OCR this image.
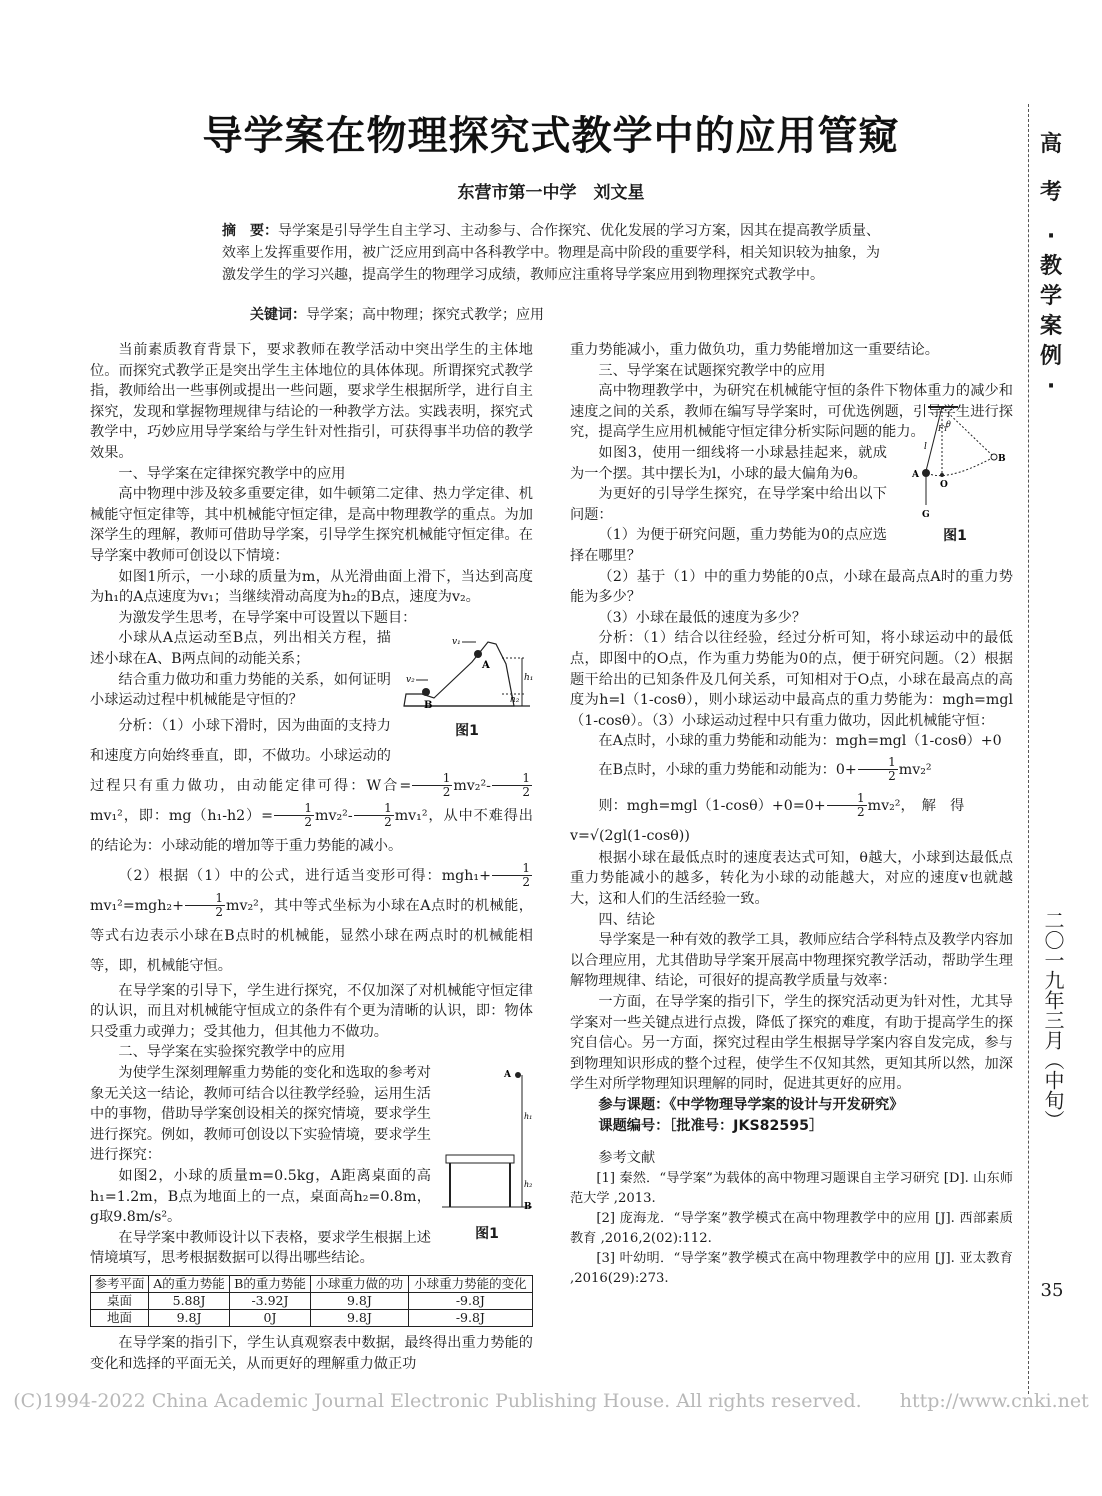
导学案在物理探究式教学中的应用管窥
东营市第一中学　刘文星
摘　要：导学案是引导学生自主学习、主动参与、合作探究、优化发展的学习方案，因其在提高教学质量、效率上发挥重要作用，被广泛应用到高中各科教学中。物理是高中阶段的重要学科，相关知识较为抽象，为激发学生的学习兴趣，提高学生的物理学习成绩，教师应注重将导学案应用到物理探究式教学中。
关键词：导学案；高中物理；探究式教学；应用

当前素质教育背景下，要求教师在教学活动中突出学生的主体地位。而探究式教学正是突出学生主体地位的具体体现。所谓探究式教学指，教师给出一些事例或提出一些问题，要求学生根据所学，进行自主探究，发现和掌握物理规律与结论的一种教学方法。实践表明，探究式教学中，巧妙应用导学案给与学生针对性指引，可获得事半功倍的教学效果。

一、导学案在定律探究教学中的应用

高中物理中涉及较多重要定律，如牛顿第二定律、热力学定律、机械能守恒定律等，其中机械能守恒定律，是高中物理教学的重点。为加深学生的理解，教师可借助导学案，引导学生探究机械能守恒定律。在导学案中教师可创设以下情境：

如图1所示，一小球的质量为m，从光滑曲面上滑下，当达到高度为h₁的A点速度为v₁；当继续滑动高度为h₂的B点，速度为v₂。

为激发学生思考，在导学案中可设置以下题目：

v₁
v₂
A
B
h₁
h₂
图1

小球从A点运动至B点，列出相关方程，描述小球在A、B两点间的动能关系；

结合重力做功和重力势能的关系，如何证明小球运动过程中机械能是守恒的？

分析：（1）小球下滑时，因为曲面的支持力和速度方向始终垂直，即，不做功。小球运动的过程只有重力做功，由动能定律可得：W合= $\frac{1}{2} mv_2^2- \frac{1}{2}$
mv₁²，即：$mg(h_1-h2)= \frac{1}{2} mv_2^2- \frac{1}{2} mv_1^2$，从中不难得出的结论为：小球动能的增加等于重力势能的减小。

（2）根据（1）中的公式，进行适当变形可得：$mgh_1+ \frac{1}{2}$
$mv_1^2=mgh_2+ \frac{1}{2} mv_2^2$，其中等式坐标为小球在A点时的机械能，等式右边表示小球在B点时的机械能，显然小球在两点时的机械能相等，即，机械能守恒。

在导学案的引导下，学生进行探究，不仅加深了对机械能守恒定律的认识，而且对机械能守恒成立的条件有个更为清晰的认识，即：物体只受重力或弹力；受其他力，但其他力不做功。

二、导学案在实验探究教学中的应用

A
B
h₁
h₂
图1

为使学生深刻理解重力势能的变化和选取的参考对象无关这一结论，教师可结合以往教学经验，运用生活中的事物，借助导学案创设相关的探究情境，要求学生进行探究。例如，教师可创设以下实验情境，要求学生进行探究：

如图2，小球的质量m=0.5kg，A距离桌面的高h₁=1.2m，B点为地面上的一点，桌面高h₂=0.8m，g取9.8m/s²。

在导学案中教师设计以下表格，要求学生根据上述情境填写，思考根据数据可以得出哪些结论。

参考平面	A的重力势能	B的重力势能	小球重力做的功	小球重力势能的变化
桌面	5.88J	-3.92J	9.8J	-9.8J
地面	9.8J	0J	9.8J	-9.8J

在导学案的指引下，学生认真观察表中数据，最终得出重力势能的变化和选择的平面无关，从而更好的理解重力做正功

重力势能减小，重力做负功，重力势能增加这一重要结论。

三、导学案在试题探究教学中的应用

高中物理教学中，为研究在机械能守恒的条件下物体重力的减少和速度之间的关系，教师在编写导学案时，可优选例题，引导学生进行探究，提高学生应用机械能守恒定律分析实际问题的能力。

l
Fᴛ
θ
A
B
O
G
图1

如图3，使用一细线将一小球悬挂起来，就成为一个摆。其中摆长为l，小球的最大偏角为θ。

为更好的引导学生探究，在导学案中给出以下问题：

（1）为便于研究问题，重力势能为0的点应选择在哪里？

（2）基于（1）中的重力势能的0点，小球在最高点A时的重力势能为多少？

（3）小球在最低的速度为多少？

分析：（1）结合以往经验，经过分析可知，将小球运动中的最低点，即图中的O点，作为重力势能为0的点，便于研究问题。（2）根据题干给出的已知条件及几何关系，可知相对于O点，小球在最高点的高度为h=l（1-cosθ），则小球运动中最高点的重力势能为：mgh=mgl（1-cosθ）。（3）小球运动过程中只有重力做功，因此机械能守恒：

在A点时，小球的重力势能和动能为：mgh=mgl（1-cosθ）+0

在B点时，小球的重力势能和动能为：$0+ \frac{1}{2} mv_2^2$

则：$mgh=mgl(1-\cos\theta)+0=0+ \frac{1}{2} mv_2^2$，　解　得

v=√(2gl(1-cosθ))

根据小球在最低点时的速度表达式可知，θ越大，小球到达最低点重力势能减小的越多，转化为小球的动能越大，对应的速度v也就越大，这和人们的生活经验一致。

四、结论

导学案是一种有效的教学工具，教师应结合学科特点及教学内容加以合理应用，尤其借助导学案开展高中物理探究教学活动，帮助学生理解物理规律、结论，可很好的提高教学质量与效率：

一方面，在导学案的指引下，学生的探究活动更为针对性，尤其导学案对一些关键点进行点拨，降低了探究的难度，有助于提高学生的探究自信心。另一方面，探究过程由学生根据导学案内容自发完成，参与到物理知识形成的整个过程，使学生不仅知其然，更知其所以然，加深学生对所学物理知识理解的同时，促进其更好的应用。

参与课题：《中学物理导学案的设计与开发研究》

课题编号：［批准号：JKS82595］

参考文献

[1] 秦然．“导学案”为载体的高中物理习题课自主学习研究 [D]. 山东师范大学 ,2013.

[2] 庞海龙．“导学案”教学模式在高中物理教学中的应用 [J]. 西部素质教育 ,2016,2(02):112.

[3] 叶幼明．“导学案”教学模式在高中物理教学中的应用 [J]. 亚太教育 ,2016(29):273.

高
考
·
教
学
案
例
·
二〇一九年三月（中旬）
35
(C)1994-2022 China Academic Journal Electronic Publishing House. All rights reserved.　　http://www.cnki.net
